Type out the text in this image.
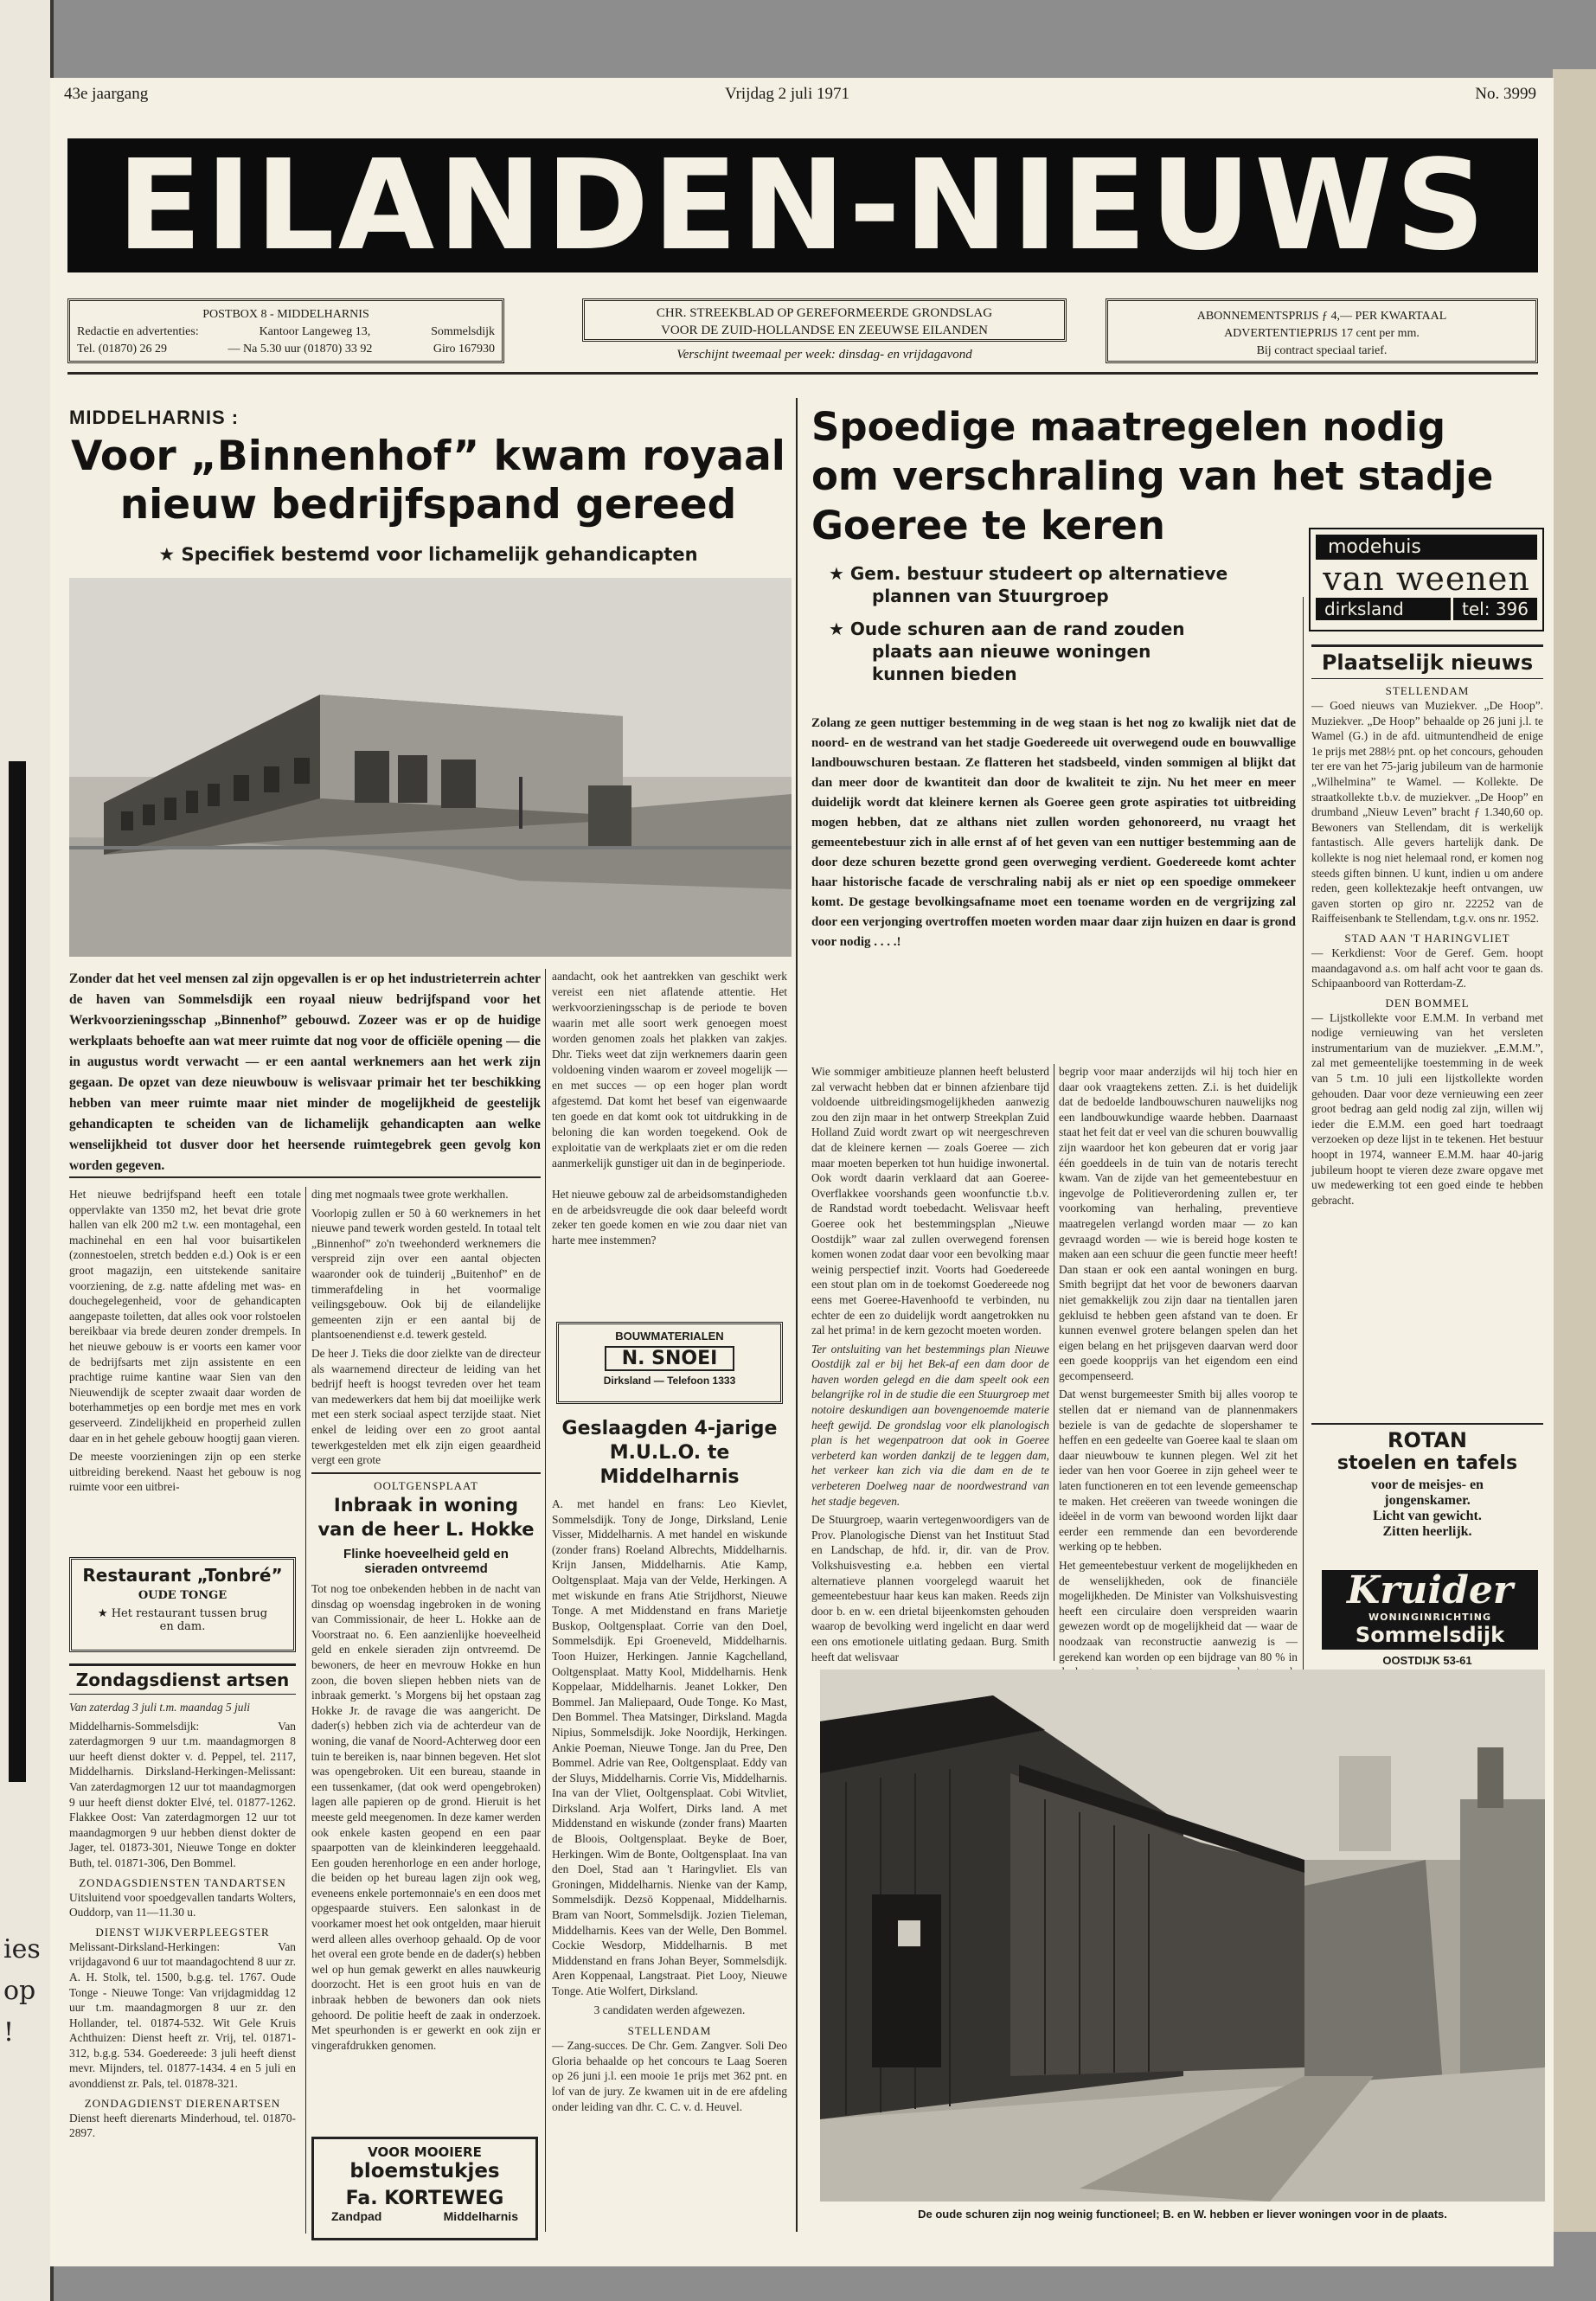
ies
op !
43e jaargang	Vrijdag 2 juli 1971	No. 3999
EILANDEN-NIEUWS
POSTBOX 8 - MIDDELHARNIS
Redactie en advertenties:	Kantoor Langeweg 13,	Sommelsdijk
Tel. (01870) 26 29	— Na 5.30 uur (01870) 33 92	Giro 167930
CHR. STREEKBLAD OP GEREFORMEERDE GRONDSLAG
VOOR DE ZUID-HOLLANDSE EN ZEEUWSE EILANDEN
Verschijnt tweemaal per week: dinsdag- en vrijdagavond
ABONNEMENTSPRIJS ƒ 4,— PER KWARTAAL
ADVERTENTIEPRIJS 17 cent per mm.
Bij contract speciaal tarief.
MIDDELHARNIS :
Voor „Binnenhof” kwam royaal
nieuw bedrijfspand gereed
★ Specifiek bestemd voor lichamelijk gehandicapten
Zonder dat het veel mensen zal zijn opgevallen is er op het industrieterrein achter de haven van Sommelsdijk een royaal nieuw bedrijfspand voor het Werkvoorzieningsschap „Binnenhof” gebouwd. Zozeer was er op de huidige werkplaats behoefte aan wat meer ruimte dat nog voor de officiële opening — die in augustus wordt verwacht — er een aantal werknemers aan het werk zijn gegaan. De opzet van deze nieuwbouw is welisvaar primair het ter beschikking hebben van meer ruimte maar niet minder de mogelijkheid de geestelijk gehandicapten te scheiden van de lichamelijk gehandicapten aan welke wenselijkheid tot dusver door het heersende ruimtegebrek geen gevolg kon worden gegeven.
aandacht, ook het aantrekken van geschikt werk vereist een niet aflatende attentie. Het werkvoorzieningsschap is de periode te boven waarin met alle soort werk genoegen moest worden genomen zoals het plakken van zakjes. Dhr. Tieks weet dat zijn werknemers daarin geen voldoening vinden waarom er zoveel mogelijk — en met succes — op een hoger plan wordt afgestemd. Dat komt het besef van eigenwaarde ten goede en dat komt ook tot uitdrukking in de beloning die kan worden toegekend. Ook de exploitatie van de werkplaats ziet er om die reden aanmerkelijk gunstiger uit dan in de beginperiode.

Het nieuwe bedrijfspand heeft een totale oppervlakte van 1350 m2, het bevat drie grote hallen van elk 200 m2 t.w. een montagehal, een machinehal en een hal voor buisartikelen (zonnestoelen, stretch bedden e.d.) Ook is er een groot magazijn, een uitstekende sanitaire voorziening, de z.g. natte afdeling met was- en douchegelegenheid, voor de gehandicapten aangepaste toiletten, dat alles ook voor rolstoelen bereikbaar via brede deuren zonder drempels. In het nieuwe gebouw is er voorts een kamer voor de bedrijfsarts met zijn assistente en een prachtige ruime kantine waar Sien van den Nieuwendijk de scepter zwaait daar worden de boterhammetjes op een bordje met mes en vork geserveerd. Zindelijkheid en properheid zullen daar en in het gehele gebouw hoogtij gaan vieren.

De meeste voorzieningen zijn op een sterke uitbreiding berekend. Naast het gebouw is nog ruimte voor een uitbrei-

ding met nogmaals twee grote werkhallen.

Voorlopig zullen er 50 à 60 werknemers in het nieuwe pand tewerk worden gesteld. In totaal telt „Binnenhof” zo'n tweehonderd werknemers die verspreid zijn over een aantal objecten waaronder ook de tuinderij „Buitenhof” en de timmerafdeling in het voormalige veilingsgebouw. Ook bij de eilandelijke gemeenten zijn er een aantal bij de plantsoenendienst e.d. tewerk gesteld.

De heer J. Tieks die door zielkte van de directeur als waarnemend directeur de leiding van het bedrijf heeft is hoogst tevreden over het team van medewerkers dat hem bij dat moeilijke werk met een sterk sociaal aspect terzijde staat. Niet enkel de leiding over een zo groot aantal tewerkgestelden met elk zijn eigen geaardheid vergt een grote

Restaurant „Tonbré”
OUDE TONGE
★ Het restaurant tussen brug en dam.
Zondagsdienst artsen
Van zaterdag 3 juli t.m. maandag 5 juli
Middelharnis-Sommelsdijk: Van zaterdagmorgen 9 uur t.m. maandagmorgen 8 uur heeft dienst dokter v. d. Peppel, tel. 2117, Middelharnis. Dirksland-Herkingen-Melissant: Van zaterdagmorgen 12 uur tot maandagmorgen 9 uur heeft dienst dokter Elvé, tel. 01877-1262. Flakkee Oost: Van zaterdagmorgen 12 uur tot maandagmorgen 9 uur hebben dienst dokter de Jager, tel. 01873-301, Nieuwe Tonge en dokter Buth, tel. 01871-306, Den Bommel.
ZONDAGSDIENSTEN TANDARTSEN
Uitsluitend voor spoedgevallen tandarts Wolters, Ouddorp, van 11—11.30 u.
DIENST WIJKVERPLEEGSTER
Melissant-Dirksland-Herkingen: Van vrijdagavond 6 uur tot maandagochtend 8 uur zr. A. H. Stolk, tel. 1500, b.g.g. tel. 1767. Oude Tonge - Nieuwe Tonge: Van vrijdagmiddag 12 uur t.m. maandagmorgen 8 uur zr. den Hollander, tel. 01874-532. Wit Gele Kruis Achthuizen: Dienst heeft zr. Vrij, tel. 01871-312, b.g.g. 534. Goedereede: 3 juli heeft dienst mevr. Mijnders, tel. 01877-1434. 4 en 5 juli en avonddienst zr. Pals, tel. 01878-321.
ZONDAGDIENST DIERENARTSEN
Dienst heeft dierenarts Minderhoud, tel. 01870-2897.
OOLTGENSPLAAT
Inbraak in woning
van de heer L. Hokke
Flinke hoeveelheid geld en
sieraden ontvreemd
Tot nog toe onbekenden hebben in de nacht van dinsdag op woensdag ingebroken in de woning van Commissionair, de heer L. Hokke aan de Voorstraat no. 6. Een aanzienlijke hoeveelheid geld en enkele sieraden zijn ontvreemd. De bewoners, de heer en mevrouw Hokke en hun zoon, die boven sliepen hebben niets van de inbraak gemerkt. 's Morgens bij het opstaan zag Hokke Jr. de ravage die was aangericht. De dader(s) hebben zich via de achterdeur van de woning, die vanaf de Noord-Achterweg door een tuin te bereiken is, naar binnen begeven. Het slot was opengebroken. Uit een bureau, staande in een tussenkamer, (dat ook werd opengebroken) lagen alle papieren op de grond. Hieruit is het meeste geld meegenomen. In deze kamer werden ook enkele kasten geopend en een paar spaarpotten van de kleinkinderen leeggehaald. Een gouden herenhorloge en een ander horloge, die beiden op het bureau lagen zijn ook weg, eveneens enkele portemonnaie's en een doos met opgespaarde stuivers. Een salonkast in de voorkamer moest het ook ontgelden, maar hieruit werd alleen alles overhoop gehaald. Op de voor het overal een grote bende en de dader(s) hebben wel op hun gemak gewerkt en alles nauwkeurig doorzocht. Het is een groot huis en van de inbraak hebben de bewoners dan ook niets gehoord. De politie heeft de zaak in onderzoek. Met speurhonden is er gewerkt en ook zijn er vingerafdrukken genomen.
VOOR MOOIERE
bloemstukjes
Fa. KORTEWEG
Zandpad	Middelharnis
Het nieuwe gebouw zal de arbeidsomstandigheden en de arbeidsvreugde die ook daar beleefd wordt zeker ten goede komen en wie zou daar niet van harte mee instemmen?
BOUWMATERIALEN
N. SNOEI
Dirksland — Telefoon 1333
Geslaagden 4-jarige
M.U.L.O. te
Middelharnis
A. met handel en frans: Leo Kievlet, Sommelsdijk. Tony de Jonge, Dirksland, Lenie Visser, Middelharnis. A met handel en wiskunde (zonder frans) Roeland Albrechts, Middelharnis. Krijn Jansen, Middelharnis. Atie Kamp, Ooltgensplaat. Maja van der Velde, Herkingen. A met wiskunde en frans Atie Strijdhorst, Nieuwe Tonge. A met Middenstand en frans Marietje Buskop, Ooltgensplaat. Corrie van den Doel, Sommelsdijk. Epi Groeneveld, Middelharnis. Toon Huizer, Herkingen. Jannie Kagchelland, Ooltgensplaat. Matty Kool, Middelharnis. Henk Koppelaar, Middelharnis. Jeanet Lokker, Den Bommel. Jan Maliepaard, Oude Tonge. Ko Mast, Den Bommel. Thea Matsinger, Dirksland. Magda Nipius, Sommelsdijk. Joke Noordijk, Herkingen. Ankie Poeman, Nieuwe Tonge. Jan du Pree, Den Bommel. Adrie van Ree, Ooltgensplaat. Eddy van der Sluys, Middelharnis. Corrie Vis, Middelharnis. Ina van der Vliet, Ooltgensplaat. Cobi Witvliet, Dirksland. Arja Wolfert, Dirks land. A met Middenstand en wiskunde (zonder frans) Maarten de Bloois, Ooltgensplaat. Beyke de Boer, Herkingen. Wim de Bonte, Ooltgensplaat. Ina van den Doel, Stad aan 't Haringvliet. Els van Groningen, Middelharnis. Nienke van der Kamp, Sommelsdijk. Dezsö Koppenaal, Middelharnis. Bram van Noort, Sommelsdijk. Jozien Tieleman, Middelharnis. Kees van der Welle, Den Bommel. Cockie Wesdorp, Middelharnis. B met Middenstand en frans Johan Beyer, Sommelsdijk. Aren Koppenaal, Langstraat. Piet Looy, Nieuwe Tonge. Atie Wolfert, Dirksland.
3 candidaten werden afgewezen.
STELLENDAM
— Zang-succes. De Chr. Gem. Zangver. Soli Deo Gloria behaalde op het concours te Laag Soeren op 26 juni j.l. een mooie 1e prijs met 362 pnt. en lof van de jury. Ze kwamen uit in de ere afdeling onder leiding van dhr. C. C. v. d. Heuvel.
Spoedige maatregelen nodig
om verschraling van het stadje
Goeree te keren
★ Gem. bestuur studeert op alternatieve
plannen van Stuurgroep
★ Oude schuren aan de rand zouden
plaats aan nieuwe woningen
kunnen bieden
Zolang ze geen nuttiger bestemming in de weg staan is het nog zo kwalijk niet dat de noord- en de westrand van het stadje Goedereede uit overwegend oude en bouwvallige landbouwschuren bestaan. Ze flatteren het stadsbeeld, vinden sommigen al blijkt dat dan meer door de kwantiteit dan door de kwaliteit te zijn. Nu het meer en meer duidelijk wordt dat kleinere kernen als Goeree geen grote aspiraties tot uitbreiding mogen hebben, dat ze althans niet zullen worden gehonoreerd, nu vraagt het gemeentebestuur zich in alle ernst af of het geven van een nuttiger bestemming aan de door deze schuren bezette grond geen overweging verdient. Goedereede komt achter haar historische facade de verschraling nabij als er niet op een spoedige ommekeer komt. De gestage bevolkingsafname moet een toename worden en de vergrijzing zal door een verjonging overtroffen moeten worden maar daar zijn huizen en daar is grond voor nodig . . . .!

Wie sommiger ambitieuze plannen heeft belusterd zal verwacht hebben dat er binnen afzienbare tijd voldoende uitbreidingsmogelijkheden aanwezig zou den zijn maar in het ontwerp Streekplan Zuid Holland Zuid wordt zwart op wit neergeschreven dat de kleinere kernen — zoals Goeree — zich maar moeten beperken tot hun huidige inwonertal. Ook wordt daarin verklaard dat aan Goeree-Overflakkee voorshands geen woonfunctie t.b.v. de Randstad wordt toebedacht. Welisvaar heeft Goeree ook het bestemmingsplan „Nieuwe Oostdijk” waar zal zullen overwegend forensen komen wonen zodat daar voor een bevolking maar weinig perspectief inzit. Voorts had Goedereede een stout plan om in de toekomst Goedereede nog eens met Goeree-Havenhoofd te verbinden, nu echter de een zo duidelijk wordt aangetrokken nu zal het prima! in de kern gezocht moeten worden.

Ter ontsluiting van het bestemmings plan Nieuwe Oostdijk zal er bij het Bek-af een dam door de haven worden gelegd en die dam speelt ook een belangrijke rol in de studie die een Stuurgroep met notoire deskundigen aan bovengenoemde materie heeft gewijd. De grondslag voor elk planologisch plan is het wegenpatroon dat ook in Goeree verbeterd kan worden dankzij de te leggen dam, het verkeer kan zich via die dam en de te verbeteren Doelweg naar de noordwestrand van het stadje begeven.

De Stuurgroep, waarin vertegenwoordigers van de Prov. Planologische Dienst van het Instituut Stad en Landschap, de hfd. ir, dir. van de Prov. Volkshuisvesting e.a. hebben een viertal alternatieve plannen voorgelegd waaruit het gemeentebestuur haar keus kan maken. Reeds zijn door b. en w. een drietal bijeenkomsten gehouden waarop de bevolking werd ingelicht en daar werd een ons emotionele uitlating gedaan. Burg. Smith heeft dat welisvaar

begrip voor maar anderzijds wil hij toch hier en daar ook vraagtekens zetten. Z.i. is het duidelijk dat de bedoelde landbouwschuren nauwelijks nog een landbouwkundige waarde hebben. Daarnaast staat het feit dat er veel van die schuren bouwvallig zijn waardoor het kon gebeuren dat er vorig jaar één goeddeels in de tuin van de notaris terecht kwam. Van de zijde van het gemeentebestuur en ingevolge de Politieverordening zullen er, ter voorkoming van herhaling, preventieve maatregelen verlangd worden maar — zo kan gevraagd worden — wie is bereid hoge kosten te maken aan een schuur die geen functie meer heeft! Dan staan er ook een aantal woningen en burg. Smith begrijpt dat het voor de bewoners daarvan niet gemakkelijk zou zijn daar na tientallen jaren gekluisd te hebben geen afstand van te doen. Er kunnen evenwel grotere belangen spelen dan het eigen belang en het prijsgeven daarvan werd door een goede koopprijs van het eigendom een eind gecompenseerd.

Dat wenst burgemeester Smith bij alles voorop te stellen dat er niemand van de plannenmakers beziele is van de gedachte de slopershamer te heffen en een gedeelte van Goeree kaal te slaan om daar nieuwbouw te kunnen plegen. Wel zit het ieder van hen voor Goeree in zijn geheel weer te laten functioneren en tot een levende gemeenschap te maken. Het creëeren van tweede woningen die ideëel in de vorm van bewoond worden lijkt daar eerder een remmende dan een bevorderende werking op te hebben.

Het gemeentebestuur verkent de mogelijkheden en de wenselijkheden, ook de financiële mogelijkheden. De Minister van Volkshuisvesting heeft een circulaire doen verspreiden waarin gewezen wordt op de mogelijkheid dat — waar de noodzaak van reconstructie aanwezig is — gerekend kan worden op een bijdrage van 80 % in

modehuis
van weenen
dirksland	tel: 396
Plaatselijk nieuws
STELLENDAM
— Goed nieuws van Muziekver. „De Hoop”. Muziekver. „De Hoop” behaalde op 26 juni j.l. te Wamel (G.) in de afd. uitmuntendheid de enige 1e prijs met 288½ pnt. op het concours, gehouden ter ere van het 75-jarig jubileum van de harmonie „Wilhelmina” te Wamel. — Kollekte. De straatkollekte t.b.v. de muziekver. „De Hoop” en drumband „Nieuw Leven” bracht ƒ 1.340,60 op. Bewoners van Stellendam, dit is werkelijk fantastisch. Alle gevers hartelijk dank. De kollekte is nog niet helemaal rond, er komen nog steeds giften binnen. U kunt, indien u om andere reden, geen kollektezakje heeft ontvangen, uw gaven storten op giro nr. 22252 van de Raiffeisenbank te Stellendam, t.g.v. ons nr. 1952.
STAD AAN 'T HARINGVLIET
— Kerkdienst: Voor de Geref. Gem. hoopt maandagavond a.s. om half acht voor te gaan ds. Schipaanboord van Rotterdam-Z.
DEN BOMMEL
— Lijstkollekte voor E.M.M. In verband met nodige vernieuwing van het versleten instrumentarium van de muziekver. „E.M.M.”, zal met gemeentelijke toestemming in de week van 5 t.m. 10 juli een lijstkollekte worden gehouden. Daar voor deze vernieuwing een zeer groot bedrag aan geld nodig zal zijn, willen wij ieder die E.M.M. een goed hart toedraagt verzoeken op deze lijst in te tekenen. Het bestuur hoopt in 1974, wanneer E.M.M. haar 40-jarig jubileum hoopt te vieren deze zware opgave met uw medewerking tot een goed einde te hebben gebracht.
ROTAN
stoelen en tafels
voor de meisjes- en
jongenskamer.
Licht van gewicht.
Zitten heerlijk.
Kruider
WONINGINRICHTING
Sommelsdijk
OOSTDIJK 53-61
De oude schuren zijn nog weinig functioneel; B. en W. hebben er liever woningen voor in de plaats.
